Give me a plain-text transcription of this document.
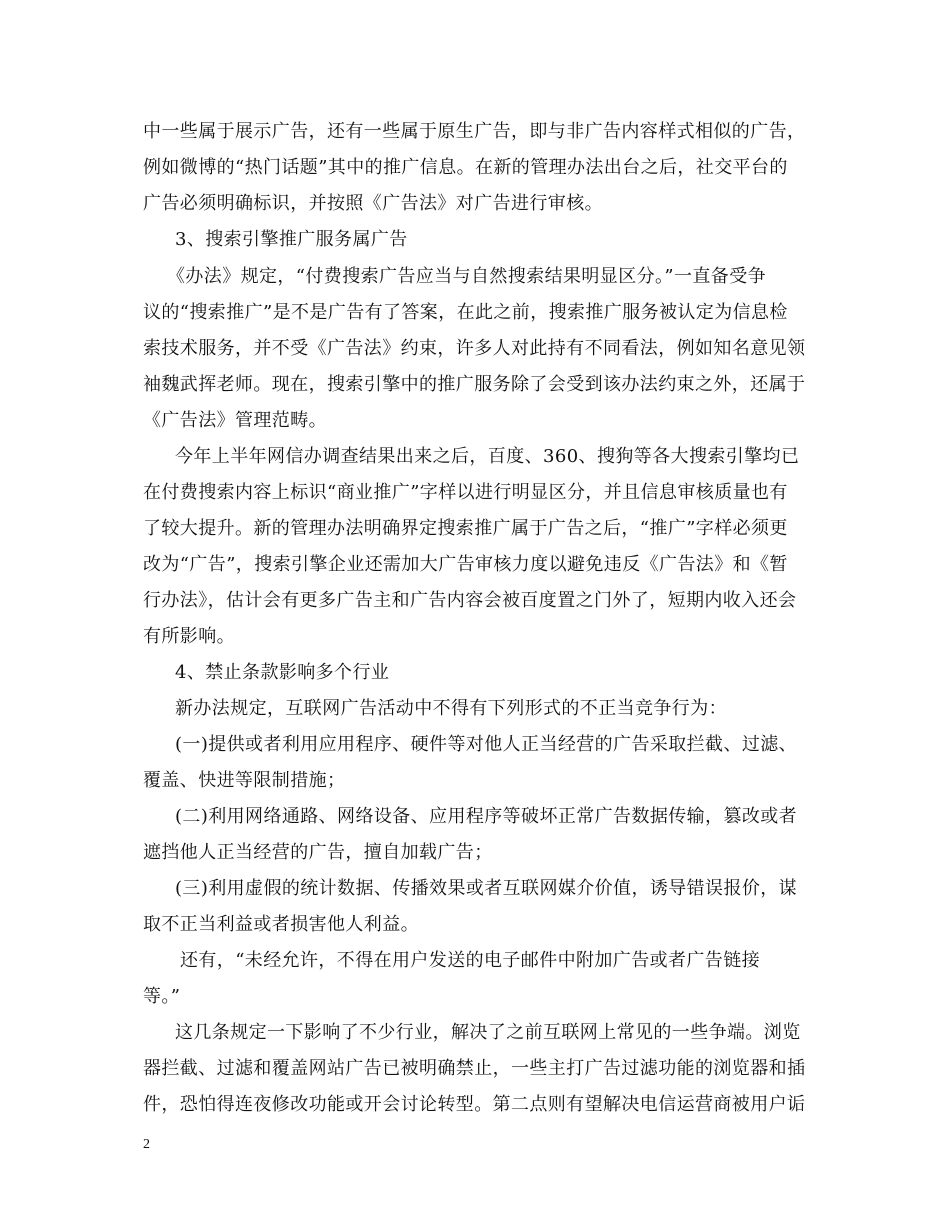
中一些属于展示广告，还有一些属于原生广告，即与非广告内容样式相似的广告，
例如微博的“热门话题”其中的推广信息。在新的管理办法出台之后，社交平台的
广告必须明确标识，并按照《广告法》对广告进行审核。
3、搜索引擎推广服务属广告
《办法》规定，“付费搜索广告应当与自然搜索结果明显区分。”一直备受争
议的“搜索推广”是不是广告有了答案，在此之前，搜索推广服务被认定为信息检
索技术服务，并不受《广告法》约束，许多人对此持有不同看法，例如知名意见领
袖魏武挥老师。现在，搜索引擎中的推广服务除了会受到该办法约束之外，还属于
《广告法》管理范畴。
今年上半年网信办调查结果出来之后，百度、360、搜狗等各大搜索引擎均已
在付费搜索内容上标识“商业推广”字样以进行明显区分，并且信息审核质量也有
了较大提升。新的管理办法明确界定搜索推广属于广告之后，“推广”字样必须更
改为“广告”，搜索引擎企业还需加大广告审核力度以避免违反《广告法》和《暂
行办法》，估计会有更多广告主和广告内容会被百度置之门外了，短期内收入还会
有所影响。
4、禁止条款影响多个行业
新办法规定，互联网广告活动中不得有下列形式的不正当竞争行为：
(一)提供或者利用应用程序、硬件等对他人正当经营的广告采取拦截、过滤、
覆盖、快进等限制措施；
(二)利用网络通路、网络设备、应用程序等破坏正常广告数据传输，篡改或者
遮挡他人正当经营的广告，擅自加载广告；
(三)利用虚假的统计数据、传播效果或者互联网媒介价值，诱导错误报价，谋
取不正当利益或者损害他人利益。
还有，“未经允许，不得在用户发送的电子邮件中附加广告或者广告链接
等。”
这几条规定一下影响了不少行业，解决了之前互联网上常见的一些争端。浏览
器拦截、过滤和覆盖网站广告已被明确禁止，一些主打广告过滤功能的浏览器和插
件，恐怕得连夜修改功能或开会讨论转型。第二点则有望解决电信运营商被用户诟
2
